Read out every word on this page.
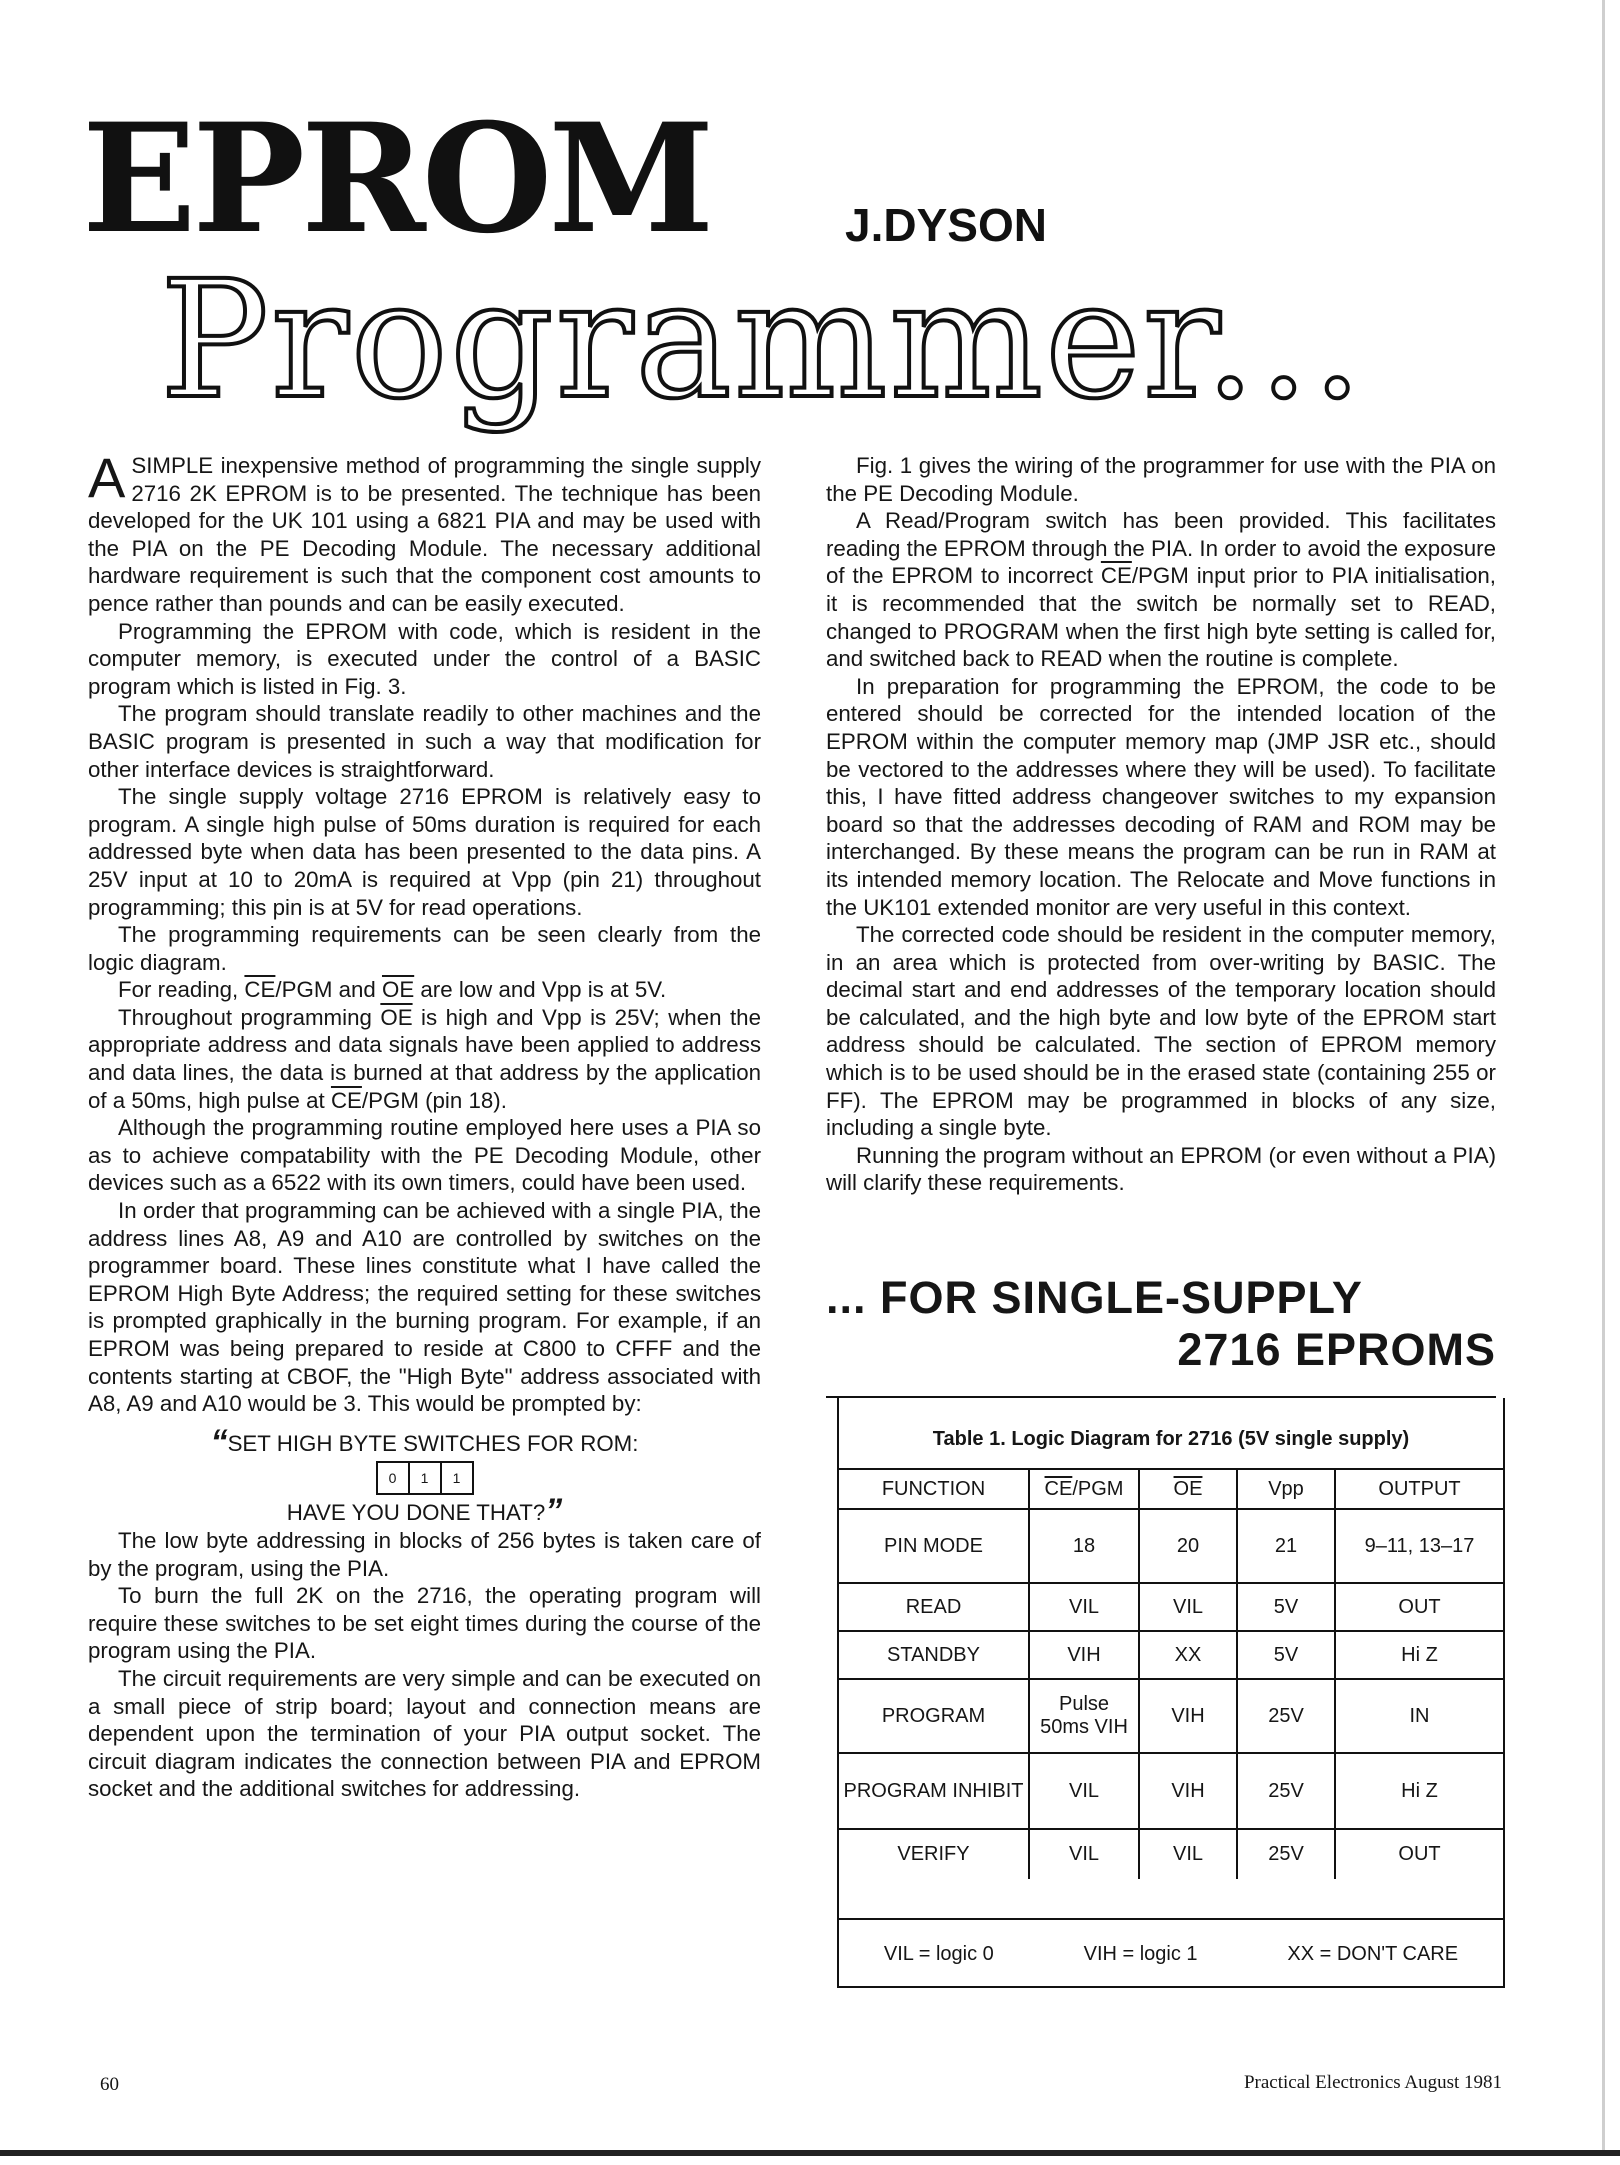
EPROM	J.DYSON
Programmer...

ASIMPLE inexpensive method of programming the single supply 2716 2K EPROM is to be presented. The technique has been developed for the UK 101 using a 6821 PIA and may be used with the PIA on the PE Decoding Module. The necessary additional hardware requirement is such that the component cost amounts to pence rather than pounds and can be easily executed.

Programming the EPROM with code, which is resident in the computer memory, is executed under the control of a BASIC program which is listed in Fig. 3.

The program should translate readily to other machines and the BASIC program is presented in such a way that modification for other interface devices is straightforward.

The single supply voltage 2716 EPROM is relatively easy to program. A single high pulse of 50ms duration is required for each addressed byte when data has been presented to the data pins. A 25V input at 10 to 20mA is required at Vpp (pin 21) throughout programming; this pin is at 5V for read operations.

The programming requirements can be seen clearly from the logic diagram.

For reading, $\overline{CE}$/PGM and $\overline{OE}$ are low and Vpp is at 5V.

Throughout programming $\overline{OE}$ is high and Vpp is 25V; when the appropriate address and data signals have been applied to address and data lines, the data is burned at that address by the application of a 50ms, high pulse at $\overline{CE}$/PGM (pin 18).

Although the programming routine employed here uses a PIA so as to achieve compatability with the PE Decoding Module, other devices such as a 6522 with its own timers, could have been used.

In order that programming can be achieved with a single PIA, the address lines A8, A9 and A10 are controlled by switches on the programmer board. These lines constitute what I have called the EPROM High Byte Address; the required setting for these switches is prompted graphically in the burning program. For example, if an EPROM was being prepared to reside at C800 to CFFF and the contents starting at CBOF, the "High Byte" address associated with A8, A9 and A10 would be 3. This would be prompted by:

“SET HIGH BYTE SWITCHES FOR ROM:

0	1	1

HAVE YOU DONE THAT?”

The low byte addressing in blocks of 256 bytes is taken care of by the program, using the PIA.

To burn the full 2K on the 2716, the operating program will require these switches to be set eight times during the course of the program using the PIA.

The circuit requirements are very simple and can be executed on a small piece of strip board; layout and connection means are dependent upon the termination of your PIA output socket. The circuit diagram indicates the connection between PIA and EPROM socket and the additional switches for addressing.

Fig. 1 gives the wiring of the programmer for use with the PIA on the PE Decoding Module.

A Read/Program switch has been provided. This facilitates reading the EPROM through the PIA. In order to avoid the exposure of the EPROM to incorrect $\overline{CE}$/PGM input prior to PIA initialisation, it is recommended that the switch be normally set to READ, changed to PROGRAM when the first high byte setting is called for, and switched back to READ when the routine is complete.

In preparation for programming the EPROM, the code to be entered should be corrected for the intended location of the EPROM within the computer memory map (JMP JSR etc., should be vectored to the addresses where they will be used). To facilitate this, I have fitted address changeover switches to my expansion board so that the addresses decoding of RAM and ROM may be interchanged. By these means the program can be run in RAM at its intended memory location. The Relocate and Move functions in the UK101 extended monitor are very useful in this context.

The corrected code should be resident in the computer memory, in an area which is protected from over-writing by BASIC. The decimal start and end addresses of the temporary location should be calculated, and the high byte and low byte of the EPROM start address should be calculated. The section of EPROM memory which is to be used should be in the erased state (containing 255 or FF). The EPROM may be programmed in blocks of any size, including a single byte.

Running the program without an EPROM (or even without a PIA) will clarify these requirements.

... FOR SINGLE-SUPPLY
2716 EPROMS
Table 1. Logic Diagram for 2716 (5V single supply)
FUNCTION	$\overline{CE}$/PGM	$\overline{OE}$	Vpp	OUTPUT
PIN MODE	18	20	21	9–11, 13–17
READ	VIL	VIL	5V	OUT
STANDBY	VIH	XX	5V	Hi Z
PROGRAM	Pulse
50ms VIH	VIH	25V	IN
PROGRAM INHIBIT	VIL	VIH	25V	Hi Z
VERIFY	VIL	VIL	25V	OUT
VIL = logic 0	VIH = logic 1	XX = DON'T CARE
60	Practical Electronics August 1981
